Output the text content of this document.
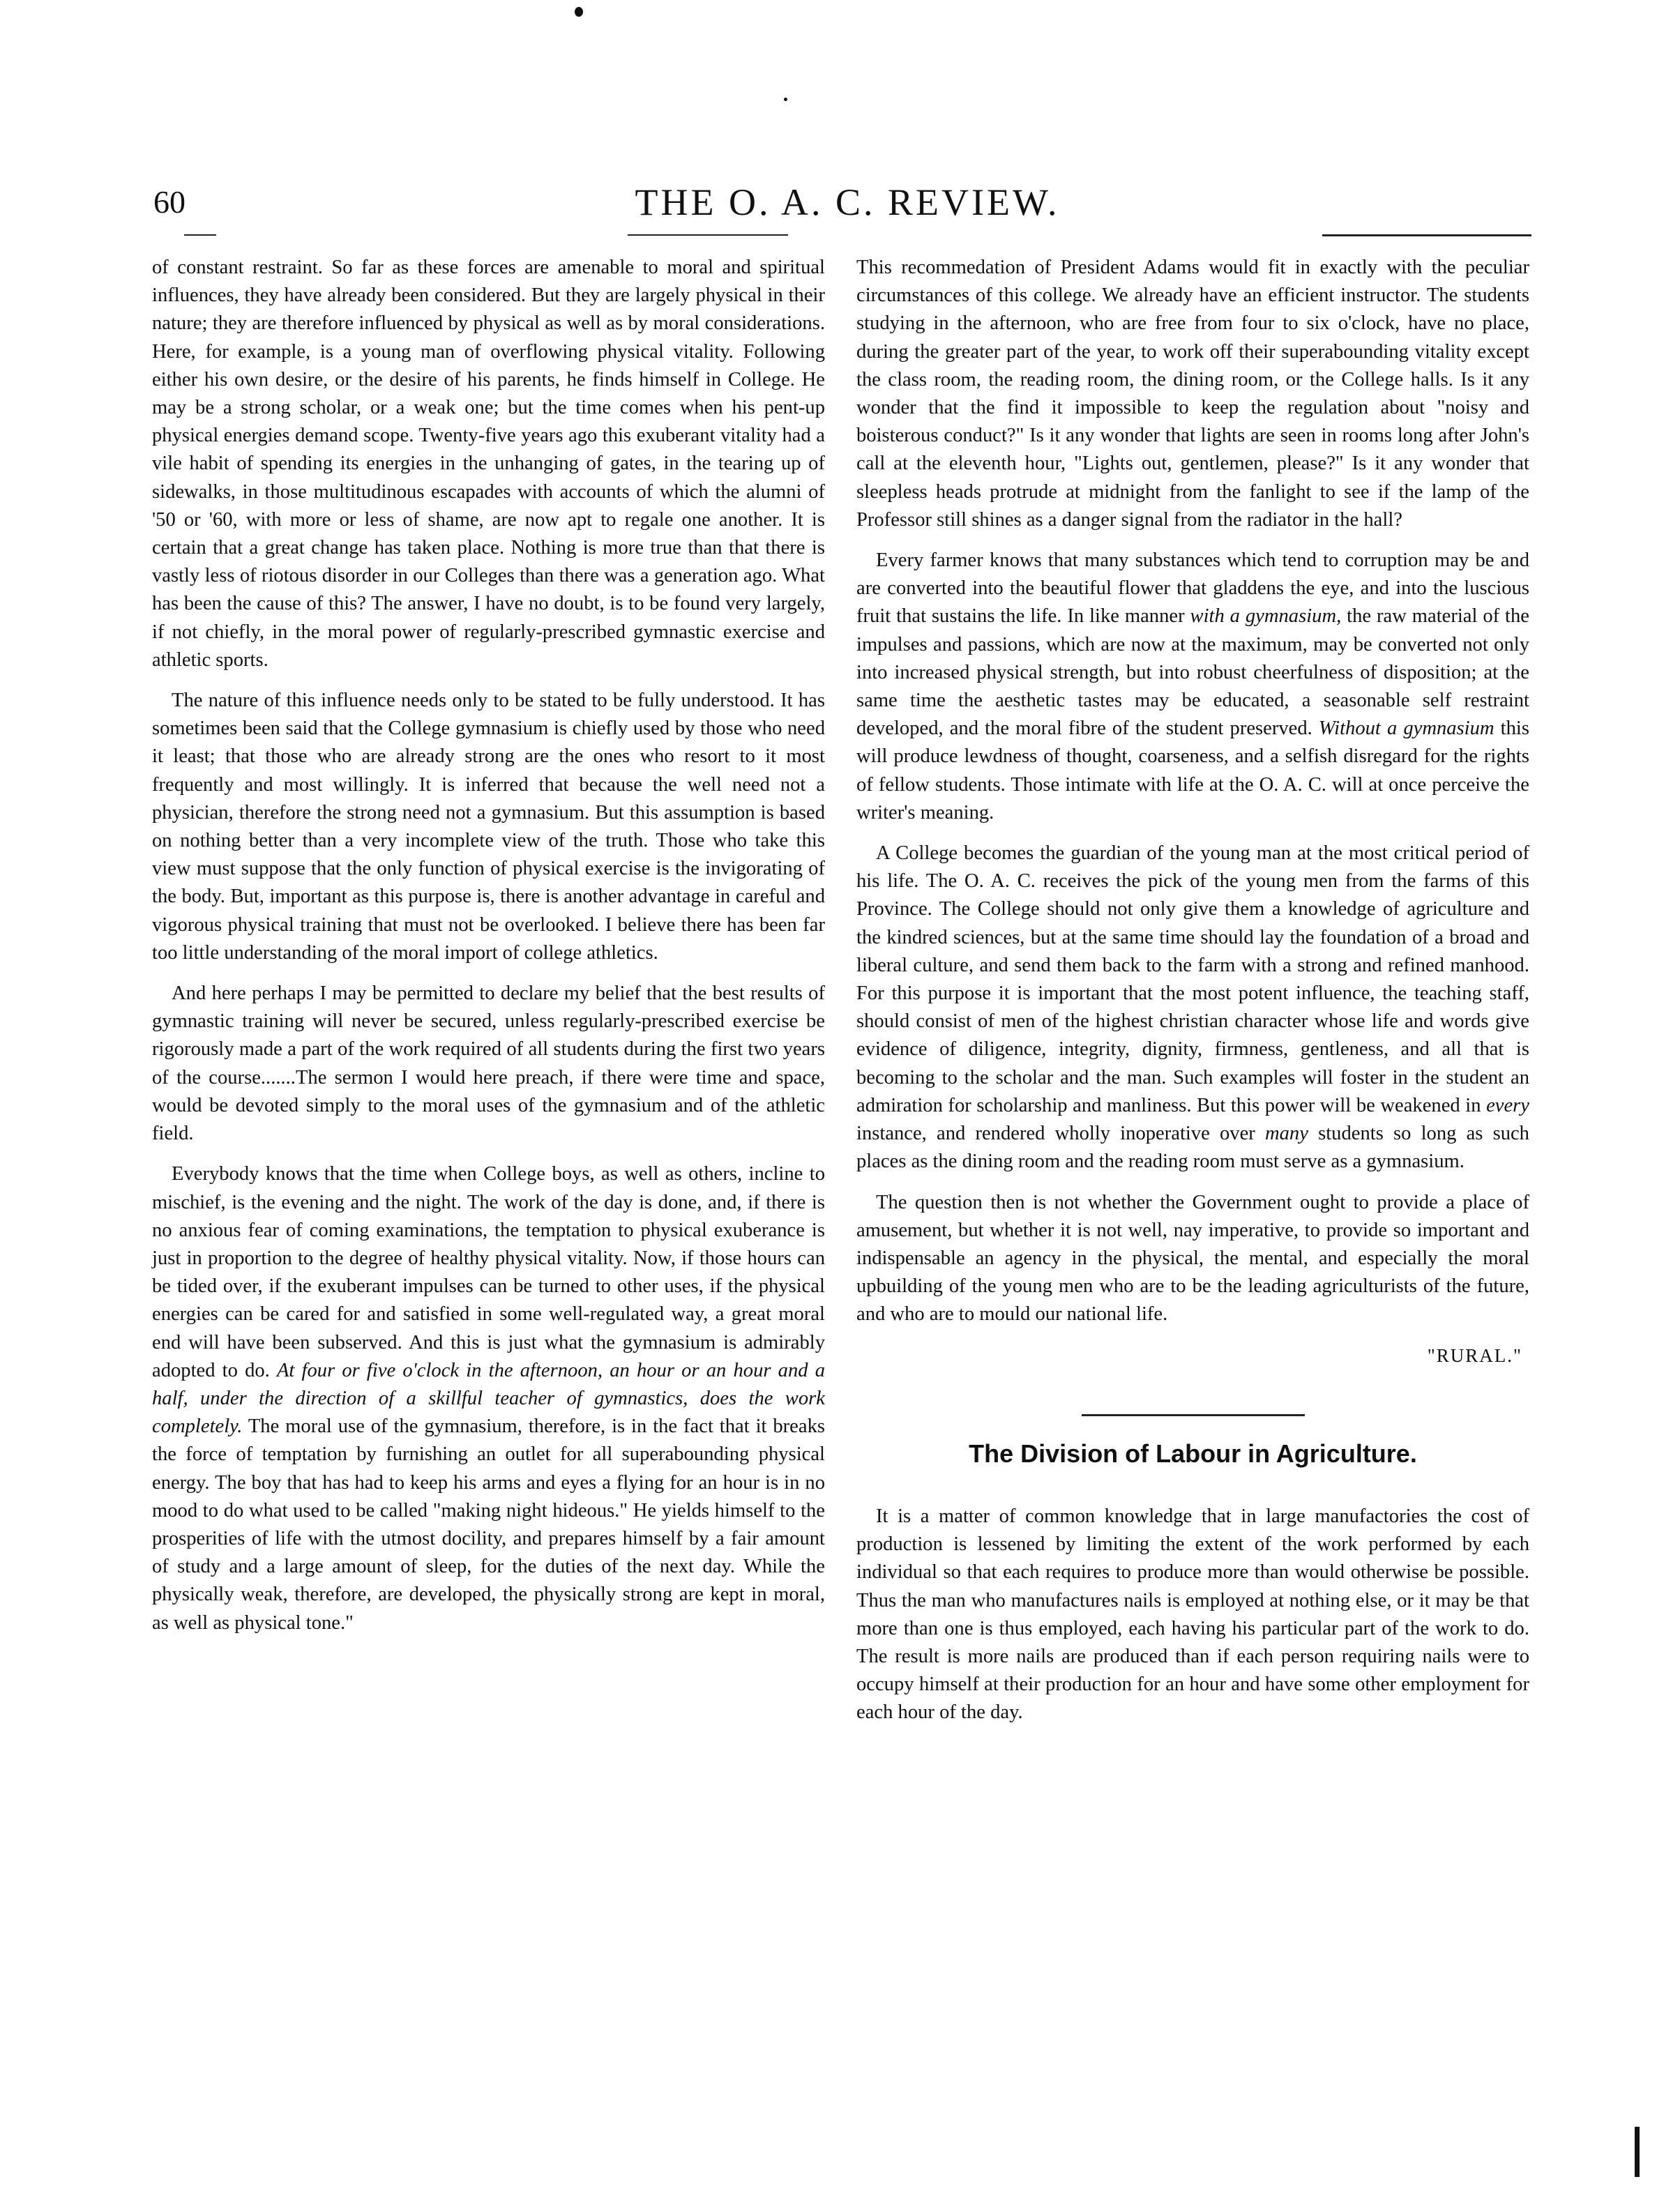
60	THE O. A. C. REVIEW.

of constant restraint. So far as these forces are amenable to moral and spiritual influences, they have already been considered. But they are largely physical in their nature; they are therefore influenced by physical as well as by moral considerations. Here, for example, is a young man of overflowing physical vitality. Following either his own desire, or the desire of his parents, he finds himself in College. He may be a strong scholar, or a weak one; but the time comes when his pent-up physical energies demand scope. Twenty-five years ago this exuberant vitality had a vile habit of spending its energies in the unhanging of gates, in the tearing up of sidewalks, in those multitudinous escapades with accounts of which the alumni of '50 or '60, with more or less of shame, are now apt to regale one another. It is certain that a great change has taken place. Nothing is more true than that there is vastly less of riotous disorder in our Colleges than there was a generation ago. What has been the cause of this? The answer, I have no doubt, is to be found very largely, if not chiefly, in the moral power of regularly-prescribed gymnastic exercise and athletic sports.

The nature of this influence needs only to be stated to be fully understood. It has sometimes been said that the College gymnasium is chiefly used by those who need it least; that those who are already strong are the ones who resort to it most frequently and most willingly. It is inferred that because the well need not a physician, therefore the strong need not a gymnasium. But this assumption is based on nothing better than a very incomplete view of the truth. Those who take this view must suppose that the only function of physical exercise is the invigorating of the body. But, important as this purpose is, there is another advantage in careful and vigorous physical training that must not be overlooked. I believe there has been far too little understanding of the moral import of college athletics.

And here perhaps I may be permitted to declare my belief that the best results of gymnastic training will never be secured, unless regularly-prescribed exercise be rigorously made a part of the work required of all students during the first two years of the course.......The sermon I would here preach, if there were time and space, would be devoted simply to the moral uses of the gymnasium and of the athletic field.

Everybody knows that the time when College boys, as well as others, incline to mischief, is the evening and the night. The work of the day is done, and, if there is no anxious fear of coming examinations, the temptation to physical exuberance is just in proportion to the degree of healthy physical vitality. Now, if those hours can be tided over, if the exuberant impulses can be turned to other uses, if the physical energies can be cared for and satisfied in some well-regulated way, a great moral end will have been subserved. And this is just what the gymnasium is admirably adopted to do. At four or five o'clock in the afternoon, an hour or an hour and a half, under the direction of a skillful teacher of gymnastics, does the work completely. The moral use of the gymnasium, therefore, is in the fact that it breaks the force of temptation by furnishing an outlet for all superabounding physical energy. The boy that has had to keep his arms and eyes a flying for an hour is in no mood to do what used to be called "making night hideous." He yields himself to the prosperities of life with the utmost docility, and prepares himself by a fair amount of study and a large amount of sleep, for the duties of the next day. While the physically weak, therefore, are developed, the physically strong are kept in moral, as well as physical tone."

This recommedation of President Adams would fit in exactly with the peculiar circumstances of this college. We already have an efficient instructor. The students studying in the afternoon, who are free from four to six o'clock, have no place, during the greater part of the year, to work off their superabounding vitality except the class room, the reading room, the dining room, or the College halls. Is it any wonder that the find it impossible to keep the regulation about "noisy and boisterous conduct?" Is it any wonder that lights are seen in rooms long after John's call at the eleventh hour, "Lights out, gentlemen, please?" Is it any wonder that sleepless heads protrude at midnight from the fanlight to see if the lamp of the Professor still shines as a danger signal from the radiator in the hall?

Every farmer knows that many substances which tend to corruption may be and are converted into the beautiful flower that gladdens the eye, and into the luscious fruit that sustains the life. In like manner with a gymnasium, the raw material of the impulses and passions, which are now at the maximum, may be converted not only into increased physical strength, but into robust cheerfulness of disposition; at the same time the aesthetic tastes may be educated, a seasonable self restraint developed, and the moral fibre of the student preserved. Without a gymnasium this will produce lewdness of thought, coarseness, and a selfish disregard for the rights of fellow students. Those intimate with life at the O. A. C. will at once perceive the writer's meaning.

A College becomes the guardian of the young man at the most critical period of his life. The O. A. C. receives the pick of the young men from the farms of this Province. The College should not only give them a knowledge of agriculture and the kindred sciences, but at the same time should lay the foundation of a broad and liberal culture, and send them back to the farm with a strong and refined manhood. For this purpose it is important that the most potent influence, the teaching staff, should consist of men of the highest christian character whose life and words give evidence of diligence, integrity, dignity, firmness, gentleness, and all that is becoming to the scholar and the man. Such examples will foster in the student an admiration for scholarship and manliness. But this power will be weakened in every instance, and rendered wholly inoperative over many students so long as such places as the dining room and the reading room must serve as a gymnasium.

The question then is not whether the Government ought to provide a place of amusement, but whether it is not well, nay imperative, to provide so important and indispensable an agency in the physical, the mental, and especially the moral upbuilding of the young men who are to be the leading agriculturists of the future, and who are to mould our national life.

"RURAL."
The Division of Labour in Agriculture.

It is a matter of common knowledge that in large manufactories the cost of production is lessened by limiting the extent of the work performed by each individual so that each requires to produce more than would otherwise be possible. Thus the man who manufactures nails is employed at nothing else, or it may be that more than one is thus employed, each having his particular part of the work to do. The result is more nails are produced than if each person requiring nails were to occupy himself at their production for an hour and have some other employment for each hour of the day.
